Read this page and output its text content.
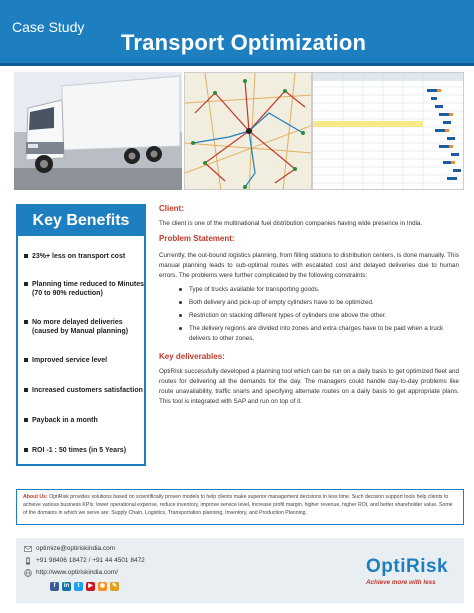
Case Study
Transport Optimization
Key Benefits
23%+ less on transport cost
Planning time reduced to Minutes (70 to 90% reduction)
No more delayed deliveries (caused by Manual planning)
Improved service level
Increased customers satisfaction
Payback in a month
ROI -1 : 50 times (in 5 Years)
Client:
The client is one of the multinational fuel distribution companies having wide presence in India.
Problem Statement:
Currently, the out-bound logistics planning, from filling stations to distribution centers, is done manually. This manual planning leads to sub-optimal routes with escalated cost and delayed deliveries due to human errors. The problems were further complicated by the following constraints:
Type of trucks available for transporting goods.
Both delivery and pick-up of empty cylinders have to be optimized.
Restriction on stacking different types of cylinders one above the other.
The delivery regions are divided into zones and extra charges have to be paid when a truck delivers to other zones.
Key deliverables:
OptiRisk successfully developed a planning tool which can be run on a daily basis to get optimized fleet and routes for delivering all the demands for the day. The managers could handle day-to-day problems like route unavailability, traffic snarls and specifying alternate routes on a daily basis to get appropriate plans. This tool is integrated with SAP and run on top of it.
About Us: OptiRisk provides solutions based on scientifically proven models to help clients make superior management decisions in less time. Such decision support tools help clients to achieve various business KPIs: lower operational expense, reduce inventory, improve service level, increase profit margin, higher revenue, higher ROI, and better shareholder value. Some of the domains in which we serve are: Supply Chain, Logistics, Transportation planning, Inventory, and Production Planning.
optimize@optiriskindia.com
+91 98406 18472 / +91 44 4501 8472
http://www.optiriskindia.com/
f	in	t	▶	◉	✎
OptiRisk
Achieve more with less
